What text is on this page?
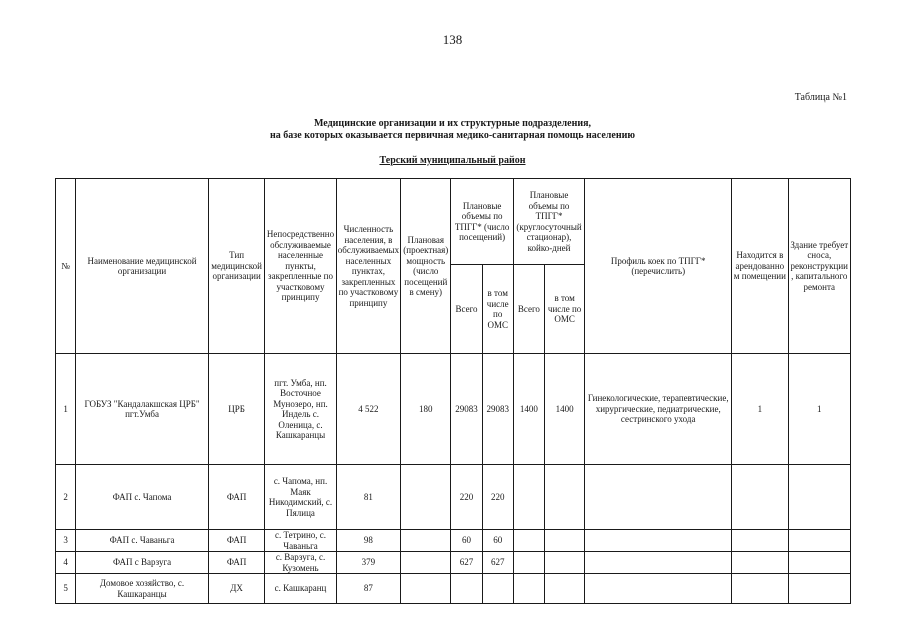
138
Таблица №1
Медицинские организации и их структурные подразделения,
на базе которых оказывается первичная медико-санитарная помощь населению
Терский муниципальный район
№	Наименование медицинской организации	Тип медицинской организации	Непосредственно обслуживаемые населенные пункты, закрепленные по участковому принципу	Численность населения, в обслуживаемых населенных пунктах, закрепленных по участковому принципу	Плановая (проектная) мощность (число посещений в смену)	Плановые объемы по ТПГГ* (число посещений)		Плановые объемы по ТПГГ* (круглосуточный стационар), койко-дней		Профиль коек по ТПГГ* (перечислить)	Находится в арендованном помещении	Здание требует сноса, реконструкции, капитального ремонта
						Всего	в том числе по ОМС	Всего	в том числе по ОМС			
1	ГОБУЗ "Кандалакшская ЦРБ" пгт.Умба	ЦРБ	пгт. Умба, нп. Восточное Мунозеро, нп. Индель с. Оленица, с. Кашкаранцы	4 522	180	29083	29083	1400	1400	Гинекологические, терапевтические, хирургические, педиатрические, сестринского ухода	1	1
2	ФАП с. Чапома	ФАП	с. Чапома, нп. Маяк Никодимский, с. Пялица	81		220	220					
3	ФАП с. Чаваньга	ФАП	с. Тетрино, с. Чаваньга	98		60	60					
4	ФАП с Варзуга	ФАП	с. Варзуга, с. Кузомень	379		627	627					
5	Домовое хозяйство, с. Кашкаранцы	ДХ	с. Кашкаранц	87								
